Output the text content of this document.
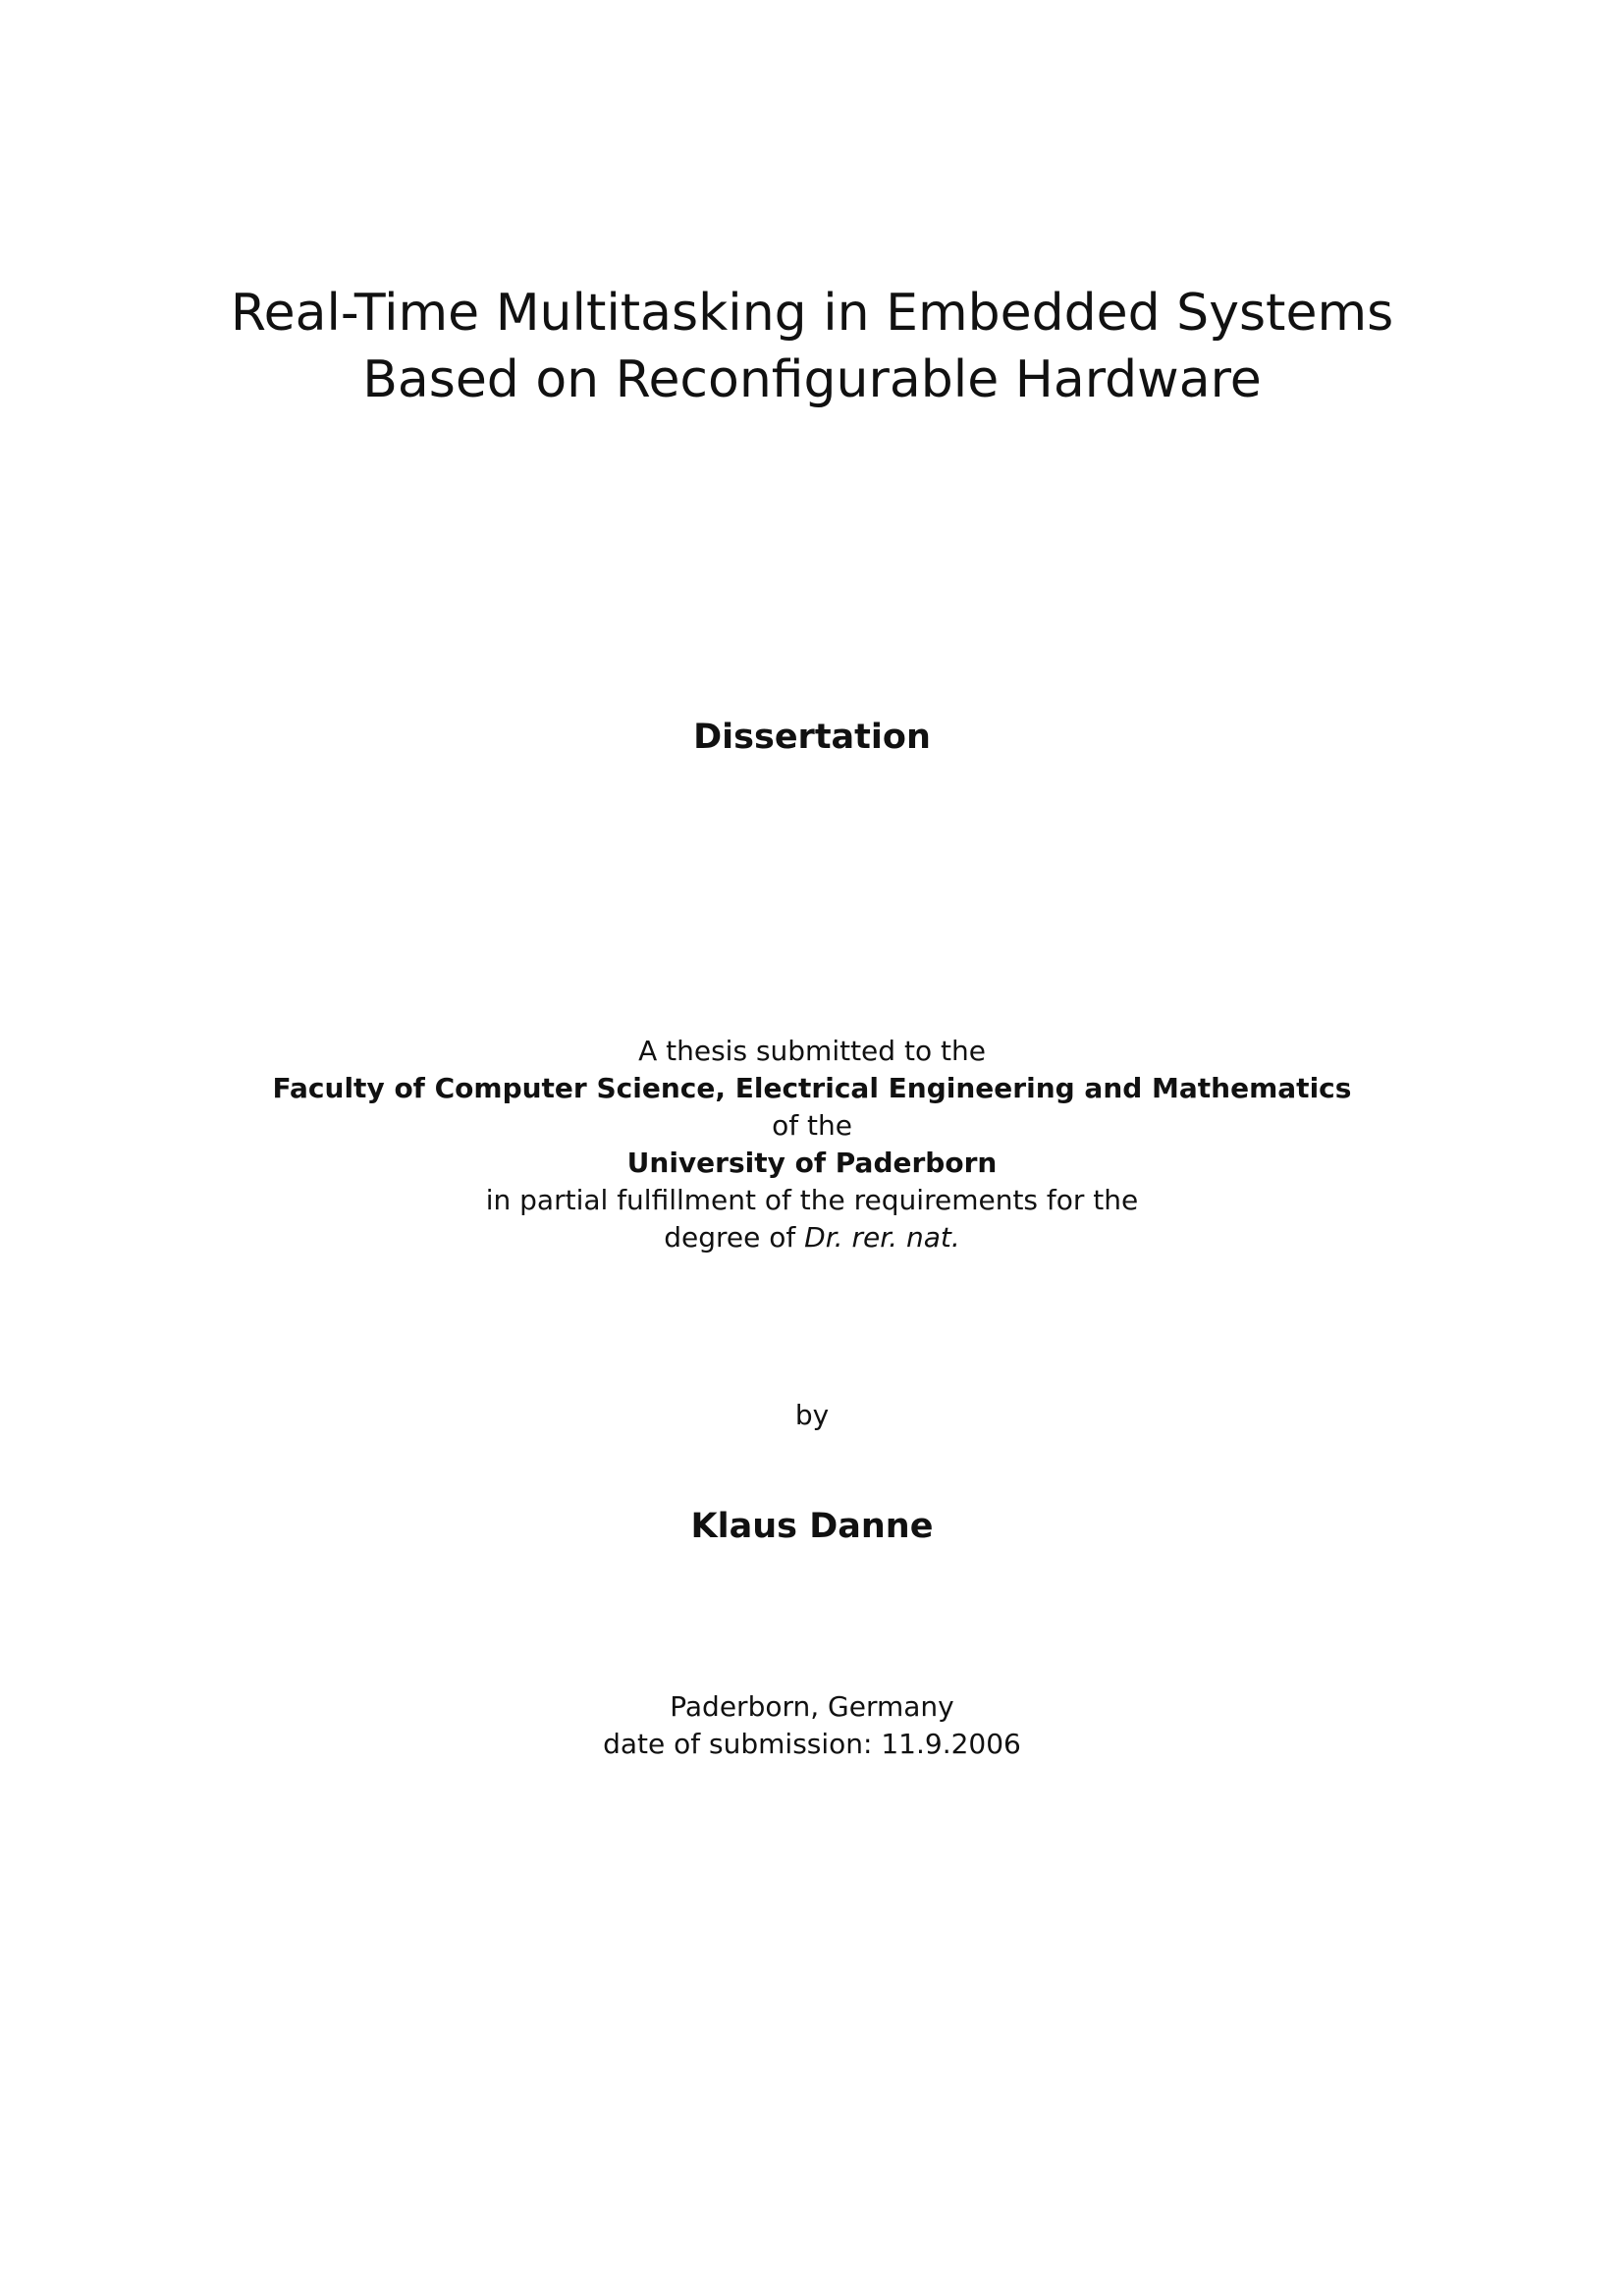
Real-Time Multitasking in Embedded Systems
Based on Reconfigurable Hardware
Dissertation
A thesis submitted to the
Faculty of Computer Science, Electrical Engineering and Mathematics
of the
University of Paderborn
in partial fulfillment of the requirements for the
degree of Dr. rer. nat.
by
Klaus Danne
Paderborn, Germany
date of submission: 11.9.2006
